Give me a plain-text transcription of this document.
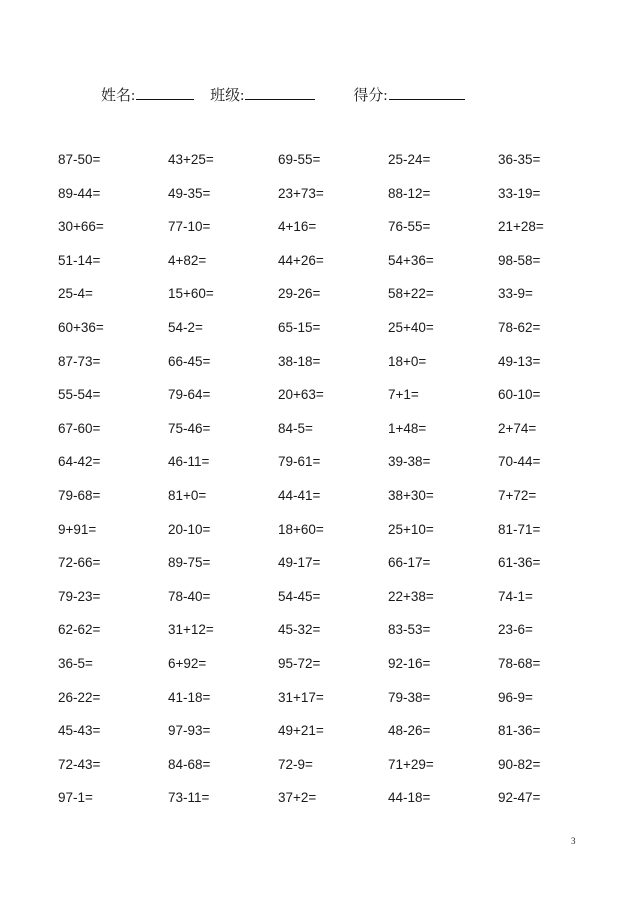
姓名:	班级:	得分:
87-50=	43+25=	69-55=	25-24=	36-35=
89-44=	49-35=	23+73=	88-12=	33-19=
30+66=	77-10=	4+16=	76-55=	21+28=
51-14=	4+82=	44+26=	54+36=	98-58=
25-4=	15+60=	29-26=	58+22=	33-9=
60+36=	54-2=	65-15=	25+40=	78-62=
87-73=	66-45=	38-18=	18+0=	49-13=
55-54=	79-64=	20+63=	7+1=	60-10=
67-60=	75-46=	84-5=	1+48=	2+74=
64-42=	46-11=	79-61=	39-38=	70-44=
79-68=	81+0=	44-41=	38+30=	7+72=
9+91=	20-10=	18+60=	25+10=	81-71=
72-66=	89-75=	49-17=	66-17=	61-36=
79-23=	78-40=	54-45=	22+38=	74-1=
62-62=	31+12=	45-32=	83-53=	23-6=
36-5=	6+92=	95-72=	92-16=	78-68=
26-22=	41-18=	31+17=	79-38=	96-9=
45-43=	97-93=	49+21=	48-26=	81-36=
72-43=	84-68=	72-9=	71+29=	90-82=
97-1=	73-11=	37+2=	44-18=	92-47=
3
